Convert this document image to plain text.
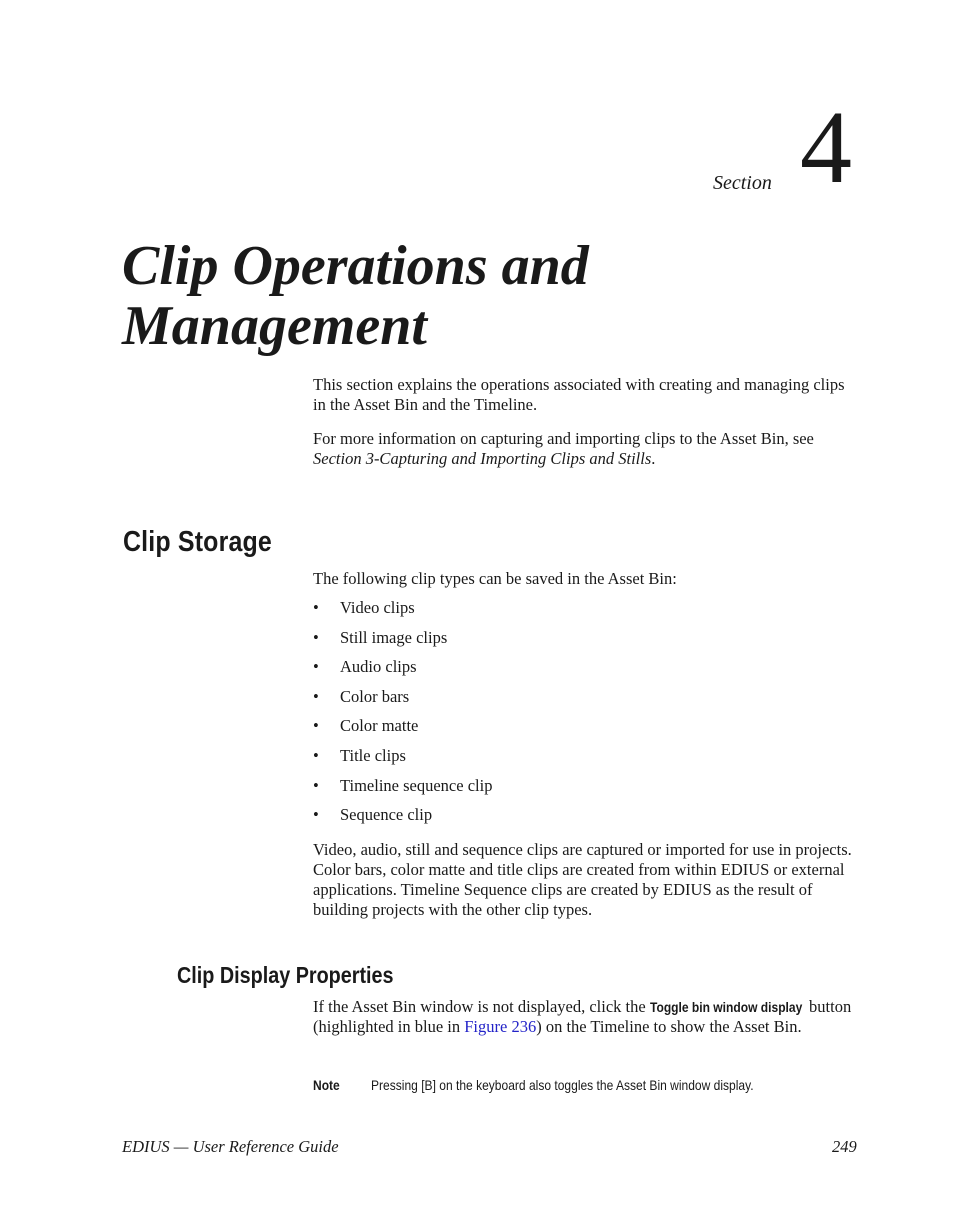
Section 4
Clip Operations and
Management

This section explains the operations associated with creating and managing clips in the Asset Bin and the Timeline.

For more information on capturing and importing clips to the Asset Bin, see Section 3-Capturing and Importing Clips and Stills.

Clip Storage

The following clip types can be saved in the Asset Bin:

• Video clips
• Still image clips
• Audio clips
• Color bars
• Color matte
• Title clips
• Timeline sequence clip
• Sequence clip

Video, audio, still and sequence clips are captured or imported for use in projects. Color bars, color matte and title clips are created from within EDIUS or external applications. Timeline Sequence clips are created by EDIUS as the result of building projects with the other clip types.

Clip Display Properties

If the Asset Bin window is not displayed, click the Toggle bin window display button (highlighted in blue in Figure 236) on the Timeline to show the Asset Bin.

Note Pressing [B] on the keyboard also toggles the Asset Bin window display.
EDIUS — User Reference Guide	249
